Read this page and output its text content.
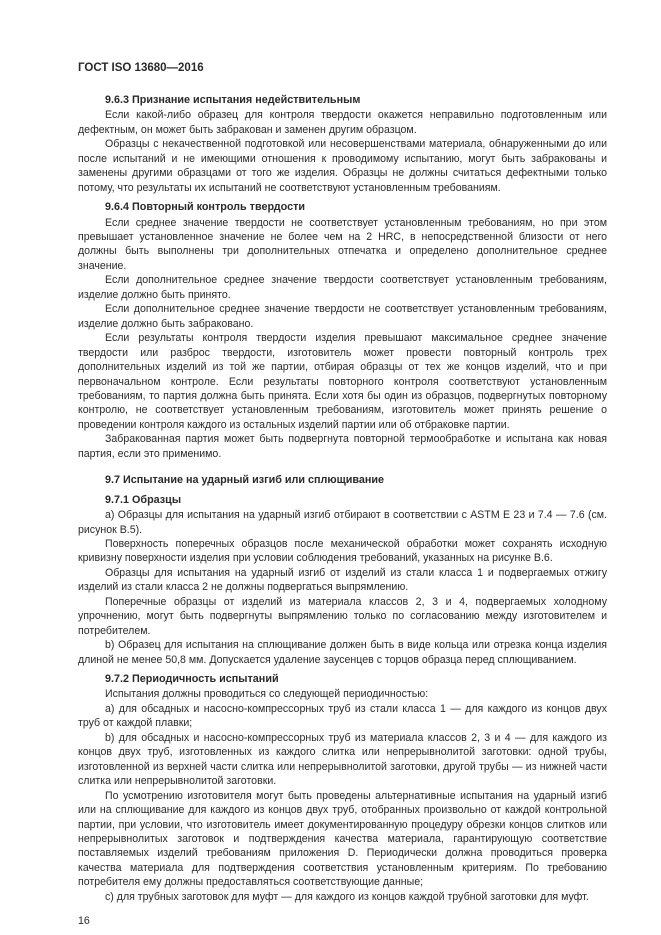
ГОСТ ISO 13680—2016
9.6.3 Признание испытания недействительным

Если какой-либо образец для контроля твердости окажется неправильно подготовленным или дефектным, он может быть забракован и заменен другим образцом.

Образцы с некачественной подготовкой или несовершенствами материала, обнаруженными до или после испытаний и не имеющими отношения к проводимому испытанию, могут быть забракованы и заменены другими образцами от того же изделия. Образцы не должны считаться дефектными только потому, что результаты их испытаний не соответствуют установленным требованиям.

9.6.4 Повторный контроль твердости

Если среднее значение твердости не соответствует установленным требованиям, но при этом превышает установленное значение не более чем на 2 HRC, в непосредственной близости от него должны быть выполнены три дополнительных отпечатка и определено дополнительное среднее значение.

Если дополнительное среднее значение твердости соответствует установленным требованиям, изделие должно быть принято.

Если дополнительное среднее значение твердости не соответствует установленным требованиям, изделие должно быть забраковано.

Если результаты контроля твердости изделия превышают максимальное среднее значение твердости или разброс твердости, изготовитель может провести повторный контроль трех дополнительных изделий из той же партии, отбирая образцы от тех же концов изделий, что и при первоначальном контроле. Если результаты повторного контроля соответствуют установленным требованиям, то партия должна быть принята. Если хотя бы один из образцов, подвергнутых повторному контролю, не соответствует установленным требованиям, изготовитель может принять решение о проведении контроля каждого из остальных изделий партии или об отбраковке партии.

Забракованная партия может быть подвергнута повторной термообработке и испытана как новая партия, если это применимо.

9.7 Испытание на ударный изгиб или сплющивание
9.7.1 Образцы

а) Образцы для испытания на ударный изгиб отбирают в соответствии с ASTM E 23 и 7.4 — 7.6 (см. рисунок В.5).

Поверхность поперечных образцов после механической обработки может сохранять исходную кривизну поверхности изделия при условии соблюдения требований, указанных на рисунке В.6.

Образцы для испытания на ударный изгиб от изделий из стали класса 1 и подвергаемых отжигу изделий из стали класса 2 не должны подвергаться выпрямлению.

Поперечные образцы от изделий из материала классов 2, 3 и 4, подвергаемых холодному упрочнению, могут быть подвергнуты выпрямлению только по согласованию между изготовителем и потребителем.

b) Образец для испытания на сплющивание должен быть в виде кольца или отрезка конца изделия длиной не менее 50,8 мм. Допускается удаление заусенцев с торцов образца перед сплющиванием.

9.7.2 Периодичность испытаний

Испытания должны проводиться со следующей периодичностью:

а) для обсадных и насосно-компрессорных труб из стали класса 1 — для каждого из концов двух труб от каждой плавки;

b) для обсадных и насосно-компрессорных труб из материала классов 2, 3 и 4 — для каждого из концов двух труб, изготовленных из каждого слитка или непрерывнолитой заготовки: одной трубы, изготовленной из верхней части слитка или непрерывнолитой заготовки, другой трубы — из нижней части слитка или непрерывнолитой заготовки.

По усмотрению изготовителя могут быть проведены альтернативные испытания на ударный изгиб или на сплющивание для каждого из концов двух труб, отобранных произвольно от каждой контрольной партии, при условии, что изготовитель имеет документированную процедуру обрезки концов слитков или непрерывнолитых заготовок и подтверждения качества материала, гарантирующую соответствие поставляемых изделий требованиям приложения D. Периодически должна проводиться проверка качества материала для подтверждения соответствия установленным критериям. По требованию потребителя ему должны предоставляться соответствующие данные;

с) для трубных заготовок для муфт — для каждого из концов каждой трубной заготовки для муфт.

16
